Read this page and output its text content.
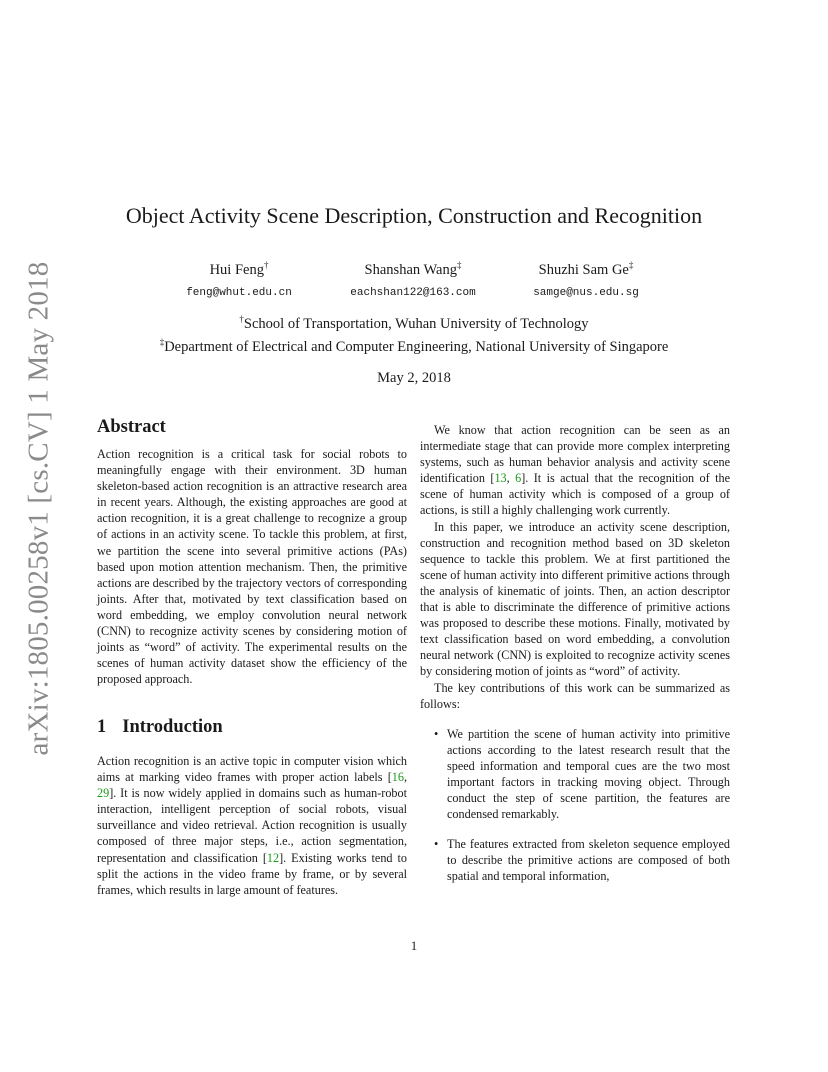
arXiv:1805.00258v1 [cs.CV] 1 May 2018
Object Activity Scene Description, Construction and Recognition
Hui Feng†
feng@whut.edu.cn
Shanshan Wang‡
eachshan122@163.com
Shuzhi Sam Ge‡
samge@nus.edu.sg
†School of Transportation, Wuhan University of Technology
‡Department of Electrical and Computer Engineering, National University of Singapore
May 2, 2018
Abstract

Action recognition is a critical task for social robots to meaningfully engage with their environment. 3D human skeleton-based action recognition is an attractive research area in recent years. Although, the existing approaches are good at action recognition, it is a great challenge to recognize a group of actions in an activity scene. To tackle this problem, at first, we partition the scene into several primitive actions (PAs) based upon motion attention mechanism. Then, the primitive actions are described by the trajectory vectors of corresponding joints. After that, motivated by text classification based on word embedding, we employ convolution neural network (CNN) to recognize activity scenes by considering motion of joints as “word” of activity. The experimental results on the scenes of human activity dataset show the efficiency of the proposed approach.

1 Introduction

Action recognition is an active topic in computer vision which aims at marking video frames with proper action labels [16, 29]. It is now widely applied in domains such as human-robot interaction, intelligent perception of social robots, visual surveillance and video retrieval. Action recognition is usually composed of three major steps, i.e., action segmentation, representation and classification [12]. Existing works tend to split the actions in the video frame by frame, or by several frames, which results in large amount of features.

We know that action recognition can be seen as an intermediate stage that can provide more complex interpreting systems, such as human behavior analysis and activity scene identification [13, 6]. It is actual that the recognition of the scene of human activity which is composed of a group of actions, is still a highly challenging work currently.

In this paper, we introduce an activity scene description, construction and recognition method based on 3D skeleton sequence to tackle this problem. We at first partitioned the scene of human activity into different primitive actions through the analysis of kinematic of joints. Then, an action descriptor that is able to discriminate the difference of primitive actions was proposed to describe these motions. Finally, motivated by text classification based on word embedding, a convolution neural network (CNN) is exploited to recognize activity scenes by considering motion of joints as “word” of activity.

The key contributions of this work can be summarized as follows:

• We partition the scene of human activity into primitive actions according to the latest research result that the speed information and temporal cues are the two most important factors in tracking moving object. Through conduct the step of scene partition, the features are condensed remarkably.
• The features extracted from skeleton sequence employed to describe the primitive actions are composed of both spatial and temporal information,
1
